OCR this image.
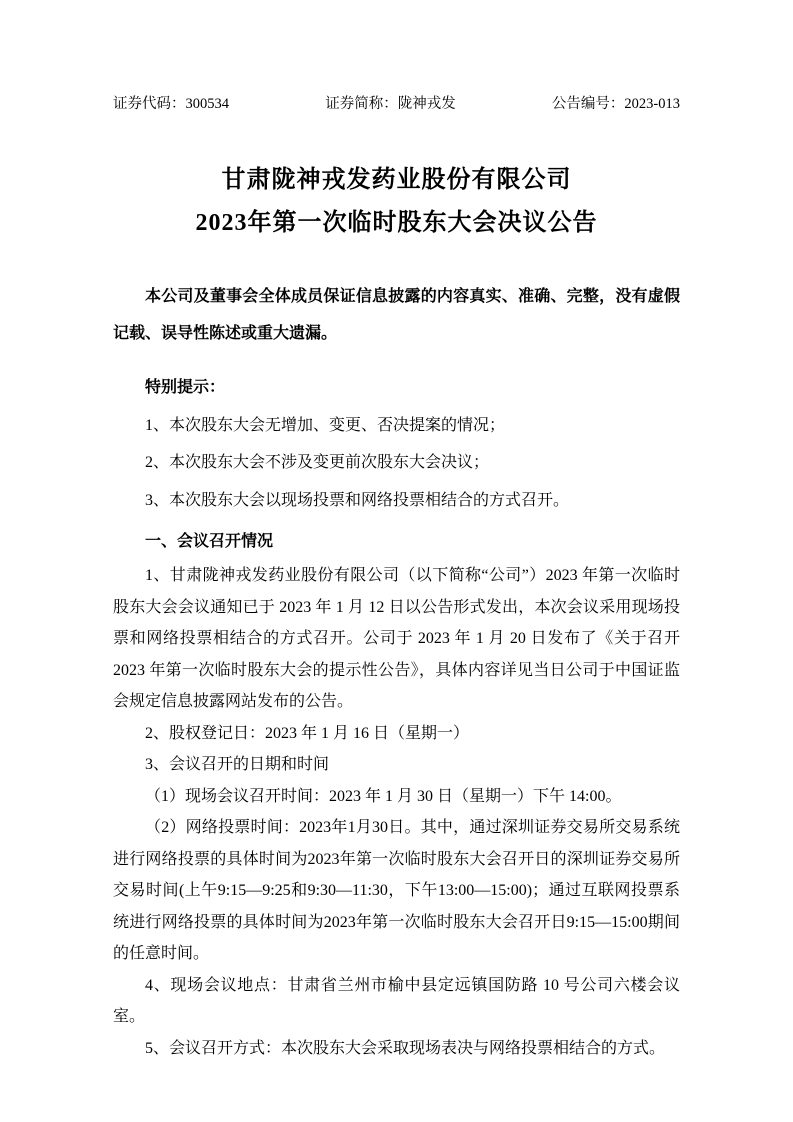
证券代码：300534	证券简称：陇神戎发	公告编号：2023-013
甘肃陇神戎发药业股份有限公司
2023年第一次临时股东大会决议公告

本公司及董事会全体成员保证信息披露的内容真实、准确、完整，没有虚假记载、误导性陈述或重大遗漏。

特别提示：

1、本次股东大会无增加、变更、否决提案的情况；

2、本次股东大会不涉及变更前次股东大会决议；

3、本次股东大会以现场投票和网络投票相结合的方式召开。

一、会议召开情况

1、甘肃陇神戎发药业股份有限公司（以下简称“公司”）2023 年第一次临时股东大会会议通知已于 2023 年 1 月 12 日以公告形式发出，本次会议采用现场投票和网络投票相结合的方式召开。公司于 2023 年 1 月 20 日发布了《关于召开2023 年第一次临时股东大会的提示性公告》，具体内容详见当日公司于中国证监会规定信息披露网站发布的公告。

2、股权登记日：2023 年 1 月 16 日（星期一）

3、会议召开的日期和时间

（1）现场会议召开时间：2023 年 1 月 30 日（星期一）下午 14:00。

（2）网络投票时间：2023年1月30日。其中，通过深圳证券交易所交易系统进行网络投票的具体时间为2023年第一次临时股东大会召开日的深圳证券交易所交易时间(上午9:15—9:25和9:30—11:30，下午13:00—15:00)；通过互联网投票系统进行网络投票的具体时间为2023年第一次临时股东大会召开日9:15—15:00期间的任意时间。

4、现场会议地点：甘肃省兰州市榆中县定远镇国防路 10 号公司六楼会议室。

5、会议召开方式：本次股东大会采取现场表决与网络投票相结合的方式。
